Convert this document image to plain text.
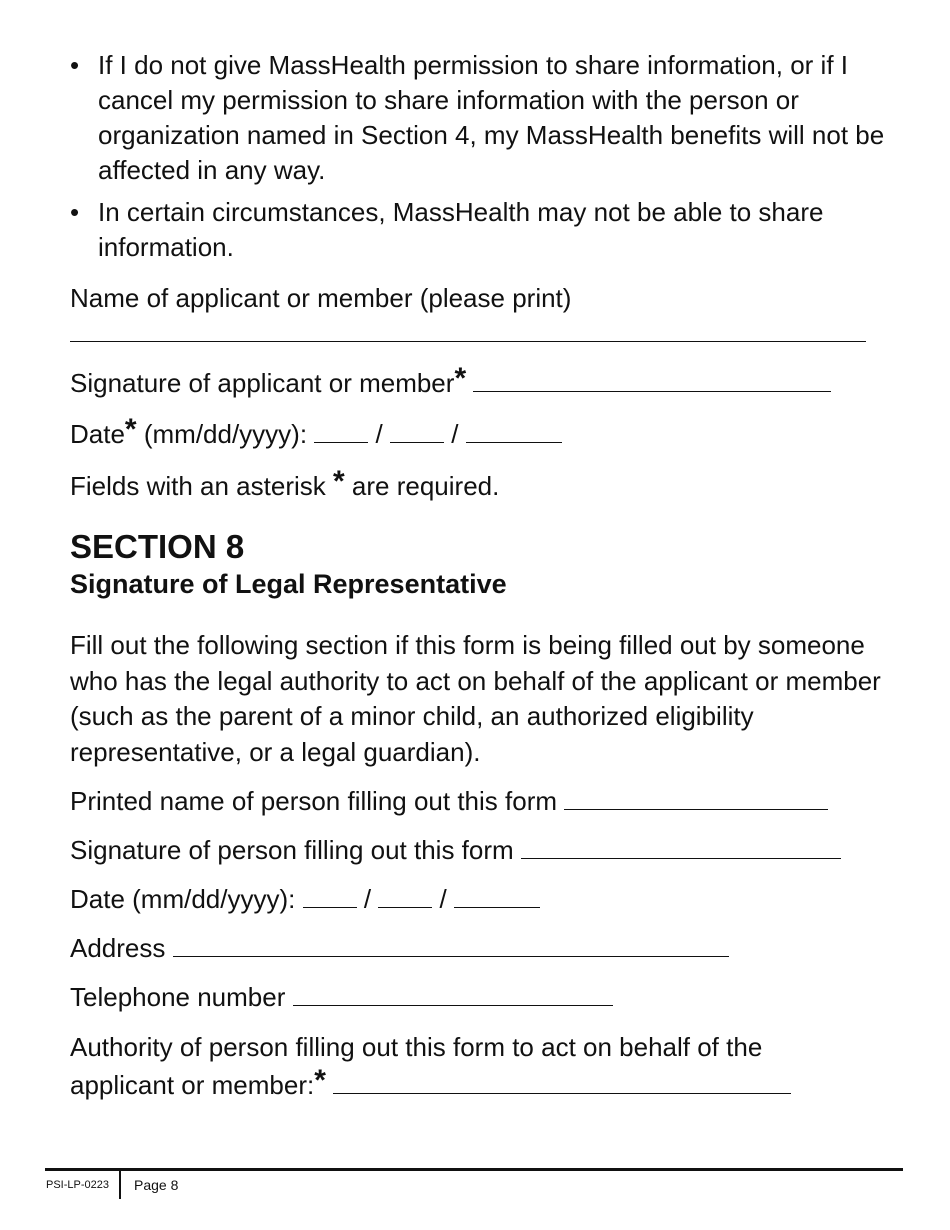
• If I do not give MassHealth permission to share information, or if I cancel my permission to share information with the person or organization named in Section 4, my MassHealth benefits will not be affected in any way.
• In certain circumstances, MassHealth may not be able to share information.
Name of applicant or member (please print)
Signature of applicant or member*
Date* (mm/dd/yyyy):	/	/
Fields with an asterisk * are required.
SECTION 8
Signature of Legal Representative
Fill out the following section if this form is being filled out by someone who has the legal authority to act on behalf of the applicant or member (such as the parent of a minor child, an authorized eligibility representative, or a legal guardian).
Printed name of person filling out this form
Signature of person filling out this form
Date (mm/dd/yyyy):	/	/
Address
Telephone number
Authority of person filling out this form to act on behalf of the
applicant or member:*
PSI-LP-0223 Page 8
